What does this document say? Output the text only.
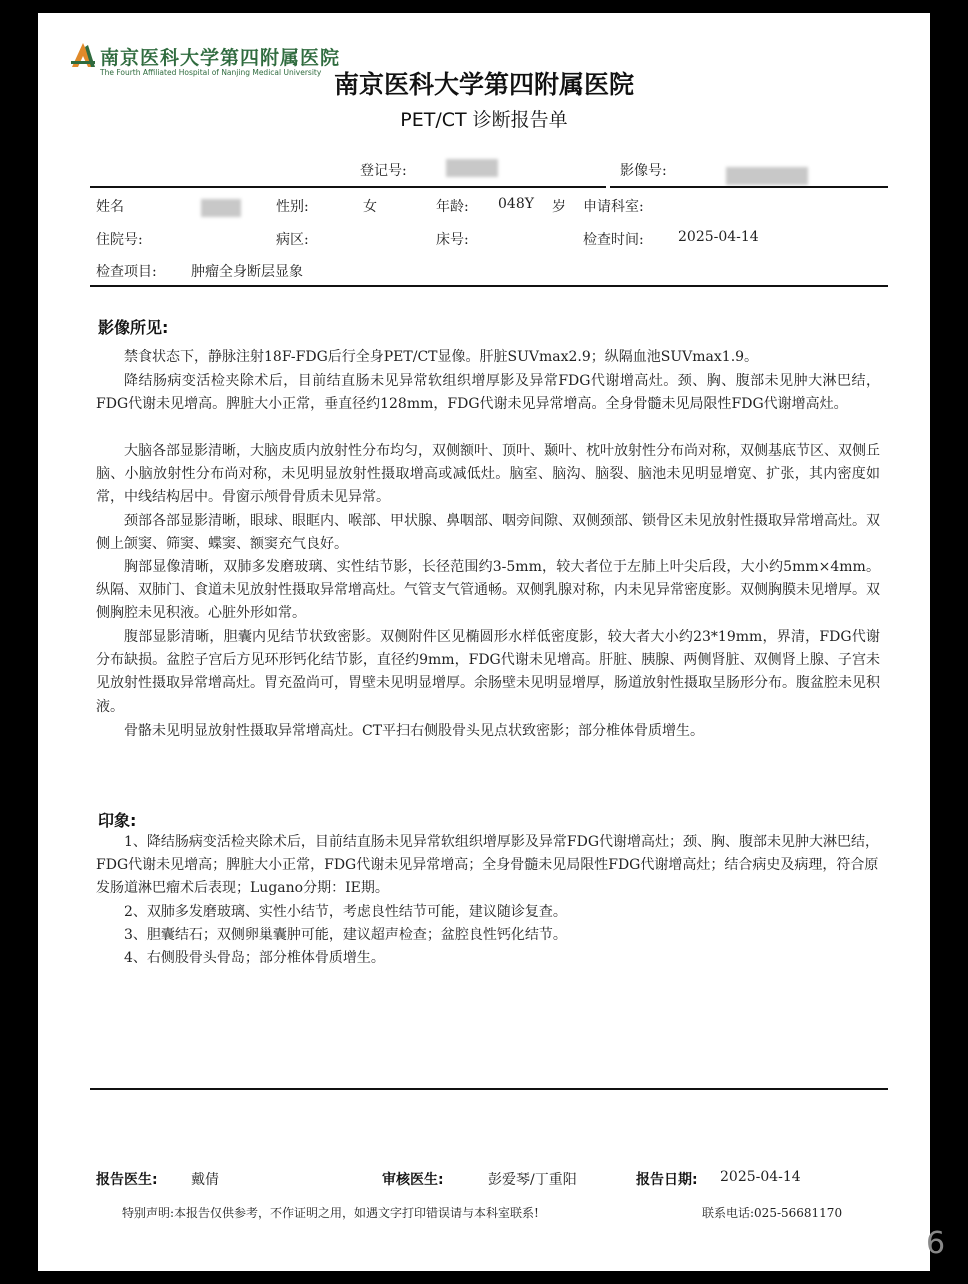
南京医科大学第四附属医院
The Fourth Affiliated Hospital of Nanjing Medical University 南京医科大学第四附属医院
PET/CT 诊断报告单
登记号:	影像号:
姓名	性别:	女	年龄: 048Y 岁 申请科室:
住院号:	病区:	床号:	检查时间: 2025-04-14
检查项目: 肿瘤全身断层显象
影像所见:

禁食状态下，静脉注射18F-FDG后行全身PET/CT显像。肝脏SUVmax2.9；纵隔血池SUVmax1.9。

降结肠病变活检夹除术后，目前结直肠未见异常软组织增厚影及异常FDG代谢增高灶。颈、胸、腹部未见肿大淋巴结，FDG代谢未见增高。脾脏大小正常，垂直径约128mm，FDG代谢未见异常增高。全身骨髓未见局限性FDG代谢增高灶。

大脑各部显影清晰，大脑皮质内放射性分布均匀，双侧额叶、顶叶、颞叶、枕叶放射性分布尚对称，双侧基底节区、双侧丘脑、小脑放射性分布尚对称，未见明显放射性摄取增高或减低灶。脑室、脑沟、脑裂、脑池未见明显增宽、扩张，其内密度如常，中线结构居中。骨窗示颅骨骨质未见异常。

颈部各部显影清晰，眼球、眼眶内、喉部、甲状腺、鼻咽部、咽旁间隙、双侧颈部、锁骨区未见放射性摄取异常增高灶。双侧上颌窦、筛窦、蝶窦、额窦充气良好。

胸部显像清晰，双肺多发磨玻璃、实性结节影，长径范围约3-5mm，较大者位于左肺上叶尖后段，大小约5mm×4mm。纵隔、双肺门、食道未见放射性摄取异常增高灶。气管支气管通畅。双侧乳腺对称，内未见异常密度影。双侧胸膜未见增厚。双侧胸腔未见积液。心脏外形如常。

腹部显影清晰，胆囊内见结节状致密影。双侧附件区见椭圆形水样低密度影，较大者大小约23*19mm，界清，FDG代谢分布缺损。盆腔子宫后方见环形钙化结节影，直径约9mm，FDG代谢未见增高。肝脏、胰腺、两侧肾脏、双侧肾上腺、子宫未见放射性摄取异常增高灶。胃充盈尚可，胃壁未见明显增厚。余肠壁未见明显增厚，肠道放射性摄取呈肠形分布。腹盆腔未见积液。

骨骼未见明显放射性摄取异常增高灶。CT平扫右侧股骨头见点状致密影；部分椎体骨质增生。

印象:

1、降结肠病变活检夹除术后，目前结直肠未见异常软组织增厚影及异常FDG代谢增高灶；颈、胸、腹部未见肿大淋巴结，FDG代谢未见增高；脾脏大小正常，FDG代谢未见异常增高；全身骨髓未见局限性FDG代谢增高灶；结合病史及病理，符合原发肠道淋巴瘤术后表现；Lugano分期：IE期。

2、双肺多发磨玻璃、实性小结节，考虑良性结节可能，建议随诊复查。

3、胆囊结石；双侧卵巢囊肿可能，建议超声检查；盆腔良性钙化结节。

4、右侧股骨头骨岛；部分椎体骨质增生。

报告医生: 戴倩	审核医生:	彭爱琴/丁重阳	报告日期: 2025-04-14
特别声明:本报告仅供参考，不作证明之用，如遇文字打印错误请与本科室联系!	联系电话:025-56681170
6
